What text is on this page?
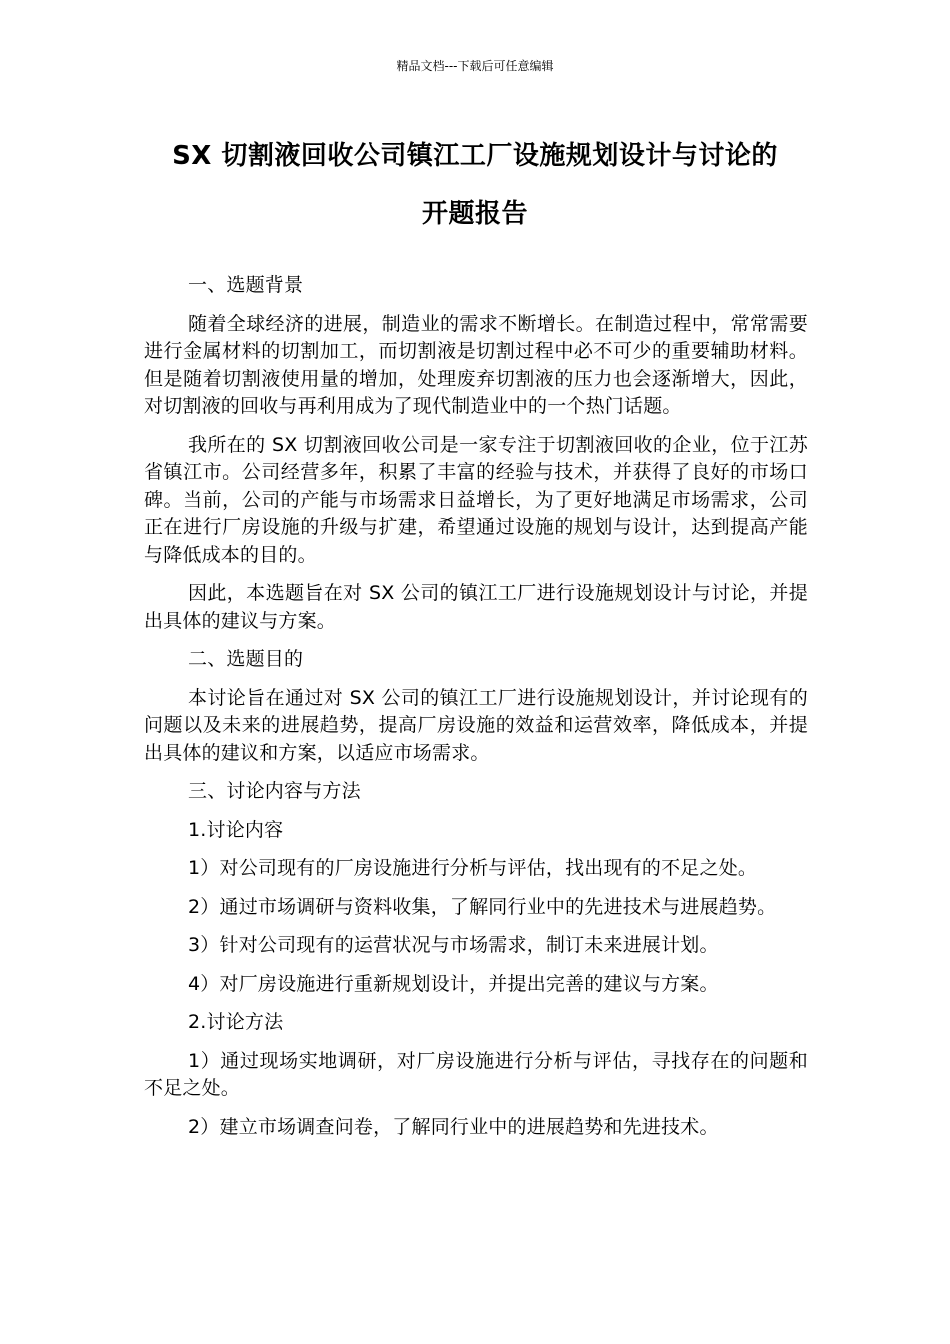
精品文档---下载后可任意编辑
SX 切割液回收公司镇江工厂设施规划设计与讨论的
开题报告

一、选题背景

随着全球经济的进展，制造业的需求不断增长。在制造过程中，常常需要进行金属材料的切割加工，而切割液是切割过程中必不可少的重要辅助材料。但是随着切割液使用量的增加，处理废弃切割液的压力也会逐渐增大，因此，对切割液的回收与再利用成为了现代制造业中的一个热门话题。

我所在的 SX 切割液回收公司是一家专注于切割液回收的企业，位于江苏省镇江市。公司经营多年，积累了丰富的经验与技术，并获得了良好的市场口碑。当前，公司的产能与市场需求日益增长，为了更好地满足市场需求，公司正在进行厂房设施的升级与扩建，希望通过设施的规划与设计，达到提高产能与降低成本的目的。

因此，本选题旨在对 SX 公司的镇江工厂进行设施规划设计与讨论，并提出具体的建议与方案。

二、选题目的

本讨论旨在通过对 SX 公司的镇江工厂进行设施规划设计，并讨论现有的问题以及未来的进展趋势，提高厂房设施的效益和运营效率，降低成本，并提出具体的建议和方案，以适应市场需求。

三、讨论内容与方法

1.讨论内容

1）对公司现有的厂房设施进行分析与评估，找出现有的不足之处。

2）通过市场调研与资料收集，了解同行业中的先进技术与进展趋势。

3）针对公司现有的运营状况与市场需求，制订未来进展计划。

4）对厂房设施进行重新规划设计，并提出完善的建议与方案。

2.讨论方法

1）通过现场实地调研，对厂房设施进行分析与评估，寻找存在的问题和不足之处。

2）建立市场调查问卷，了解同行业中的进展趋势和先进技术。
